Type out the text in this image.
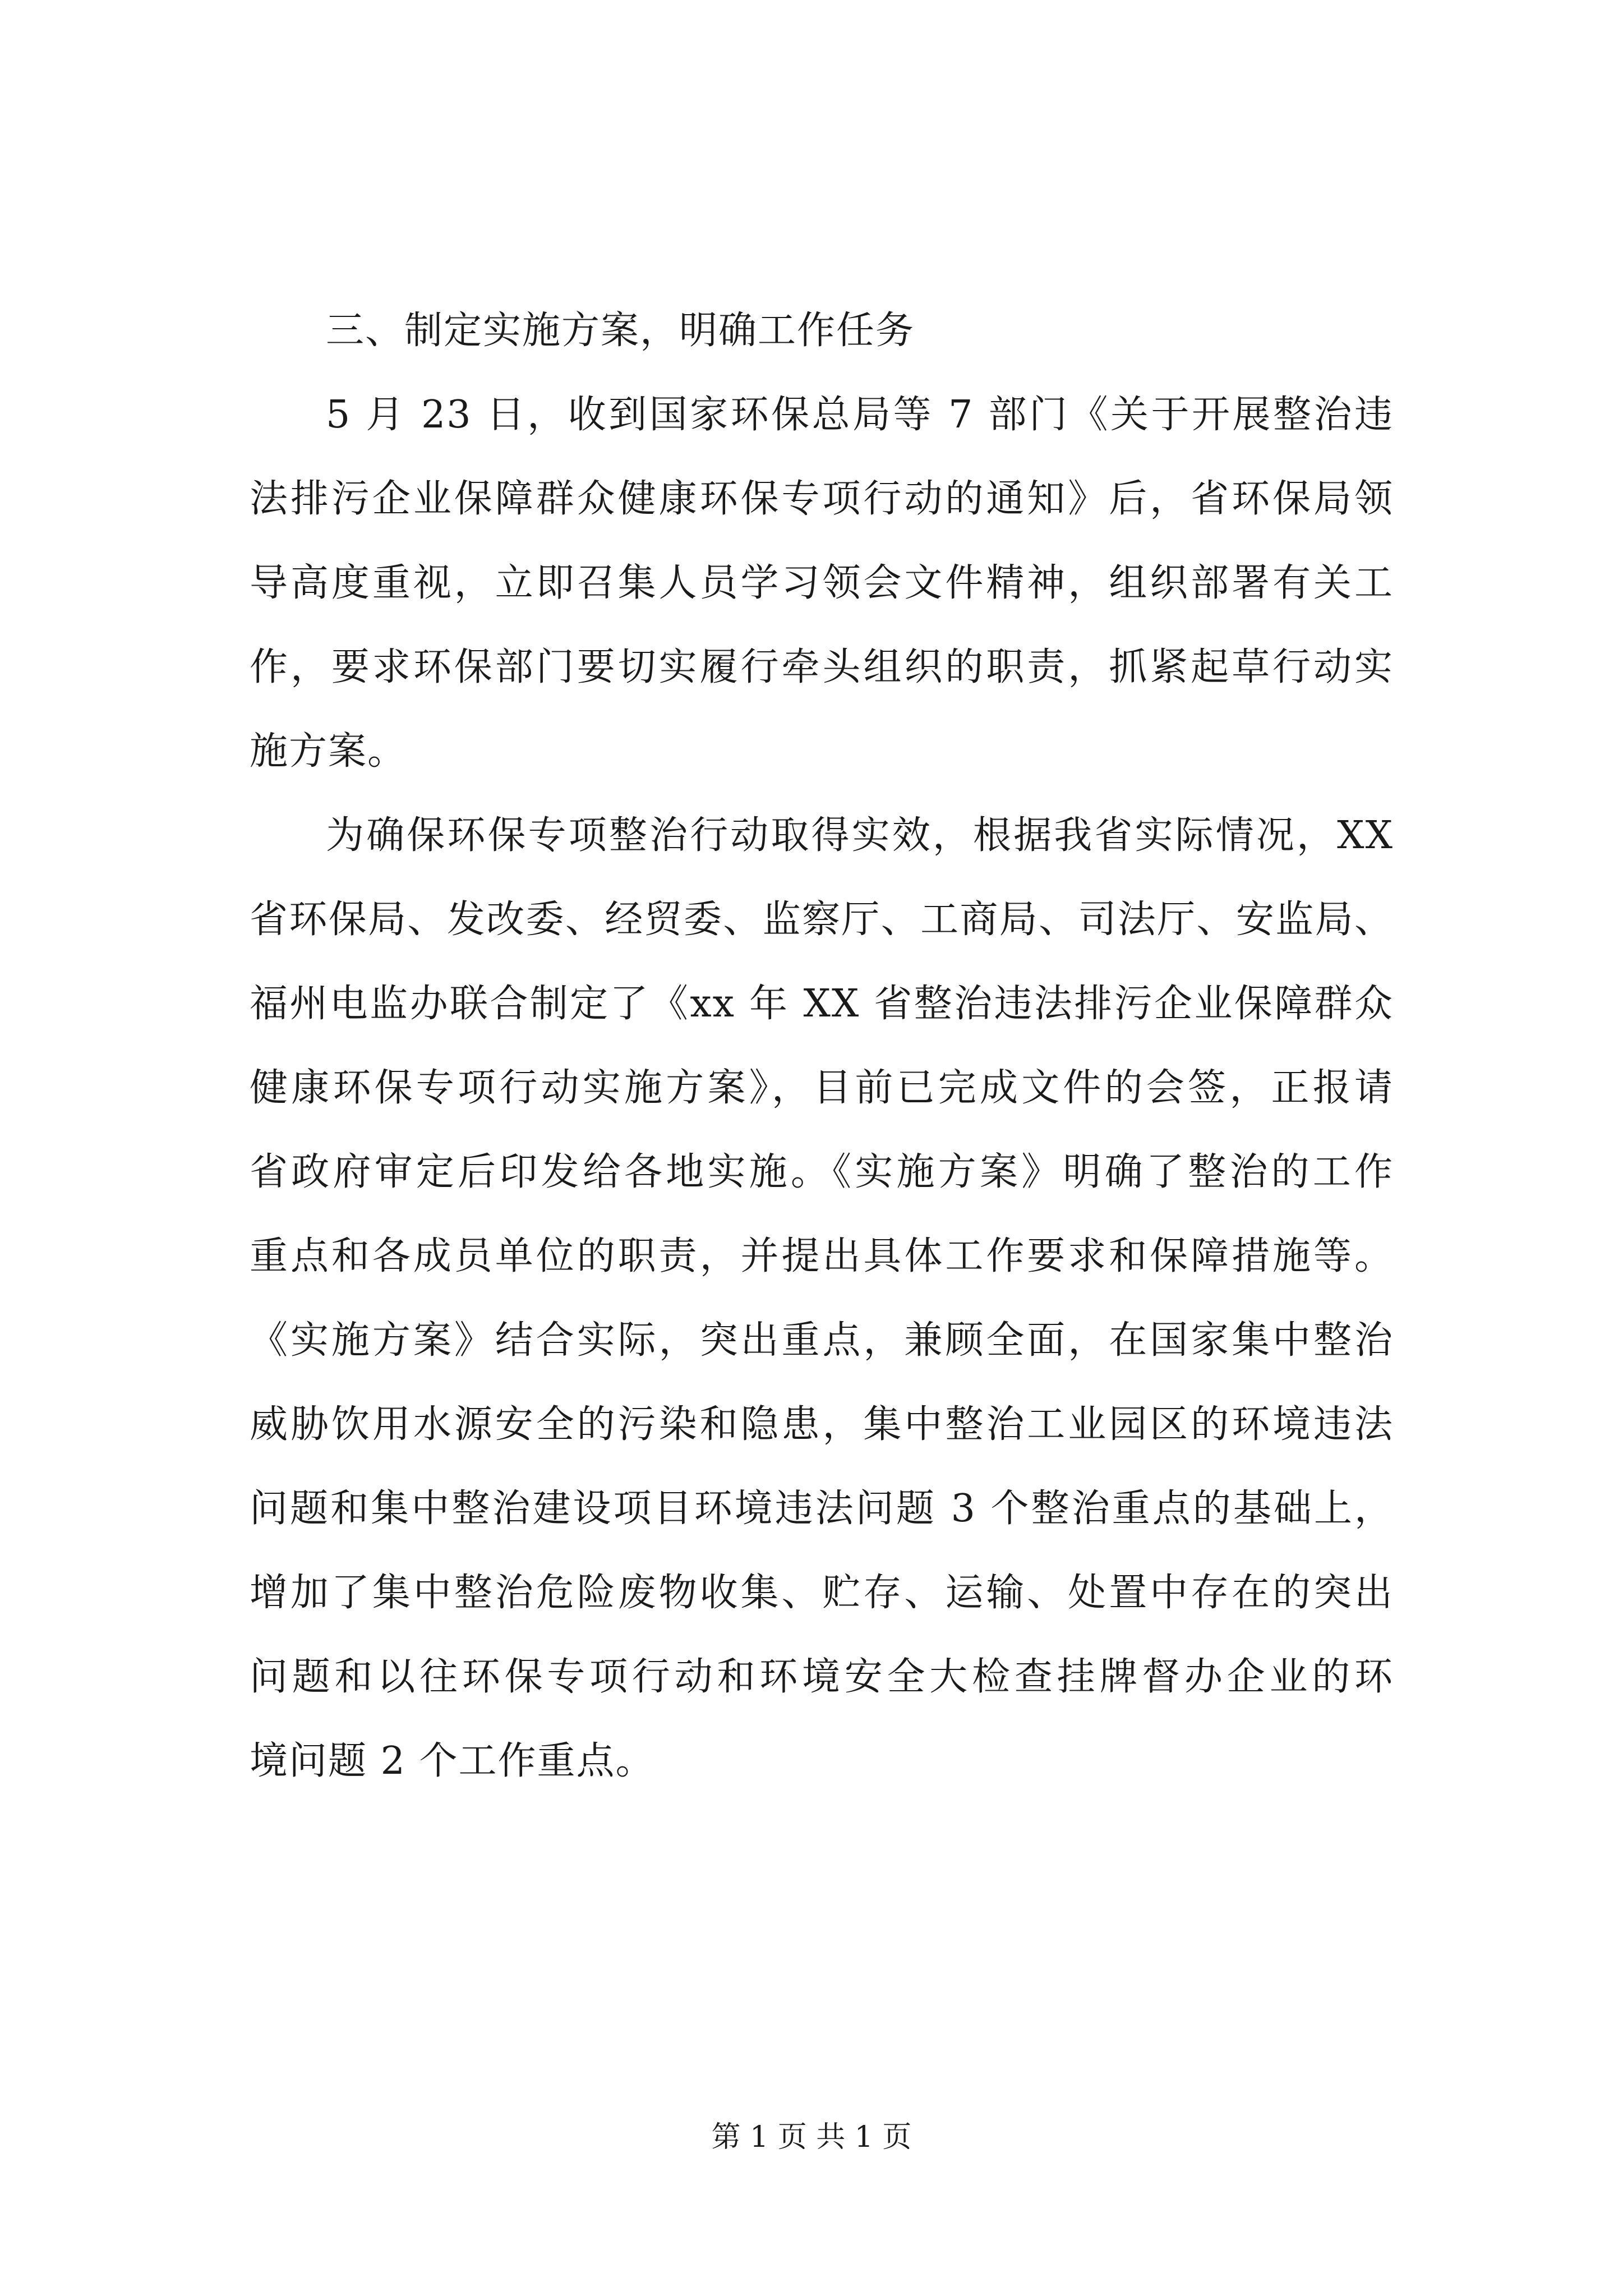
三、制定实施方案，明确工作任务
5 月 23 日，收到国家环保总局等 7 部门《关于开展整治违
法排污企业保障群众健康环保专项行动的通知》后，省环保局领
导高度重视，立即召集人员学习领会文件精神，组织部署有关工
作，要求环保部门要切实履行牵头组织的职责，抓紧起草行动实
施方案。
为确保环保专项整治行动取得实效，根据我省实际情况，XX
省环保局、发改委、经贸委、监察厅、工商局、司法厅、安监局、
福州电监办联合制定了《xx 年 XX 省整治违法排污企业保障群众
健康环保专项行动实施方案》，目前已完成文件的会签，正报请
省政府审定后印发给各地实施。《实施方案》明确了整治的工作
重点和各成员单位的职责，并提出具体工作要求和保障措施等。
《实施方案》结合实际，突出重点，兼顾全面，在国家集中整治
威胁饮用水源安全的污染和隐患，集中整治工业园区的环境违法
问题和集中整治建设项目环境违法问题 3 个整治重点的基础上，
增加了集中整治危险废物收集、贮存、运输、处置中存在的突出
问题和以往环保专项行动和环境安全大检查挂牌督办企业的环
境问题 2 个工作重点。
第 1 页 共 1 页
